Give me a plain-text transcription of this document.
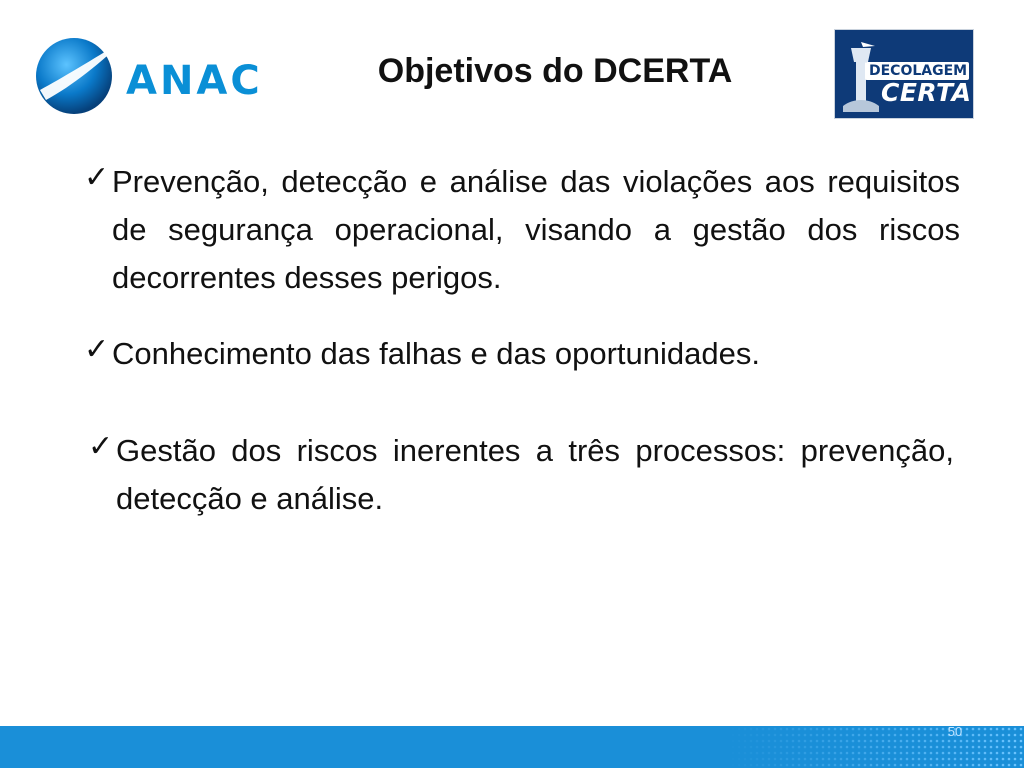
ANAC	Objetivos do DCERTA	DECOLAGEM
CERTA
✓ Prevenção, detecção e análise das violações aos requisitos de segurança operacional, visando a gestão dos riscos decorrentes desses perigos.
✓ Conhecimento das falhas e das oportunidades.
✓ Gestão dos riscos inerentes a três processos: prevenção, detecção e análise.
50
